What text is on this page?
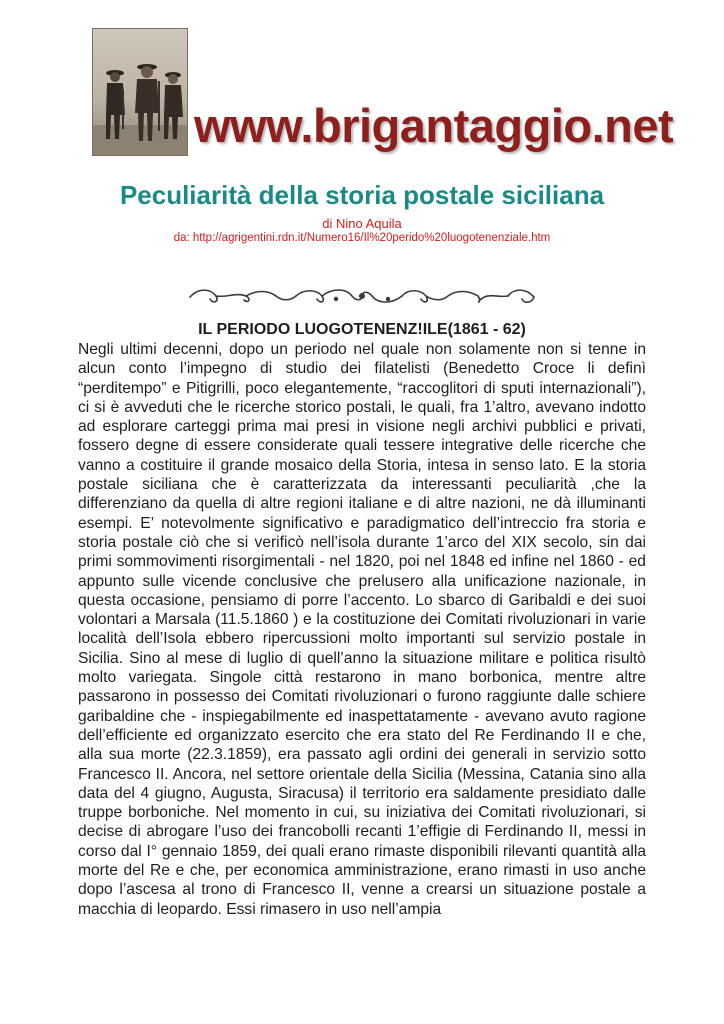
www.brigantaggio.net
Peculiarità della storia postale siciliana
di Nino Aquila
da: http://agrigentini.rdn.it/Numero16/Il%20perido%20luogotenenziale.htm
IL PERIODO LUOGOTENENZ!ILE(1861 - 62)

Negli ultimi decenni, dopo un periodo nel quale non solamente non si tenne in alcun conto l’impegno di studio dei filatelisti (Benedetto Croce li definì “perditempo” e Pitigrilli, poco elegantemente, “raccoglitori di sputi internazionali”), ci si è avveduti che le ricerche storico postali, le quali, fra 1’altro, avevano indotto ad esplorare carteggi prima mai presi in visione negli archivi pubblici e privati, fossero degne di essere considerate quali tessere integrative delle ricerche che vanno a costituire il grande mosaico della Storia, intesa in senso lato. E la storia postale siciliana che è caratterizzata da interessanti peculiarità ,che la differenziano da quella di altre regioni italiane e di altre nazioni, ne dà illuminanti esempi. E’ notevolmente significativo e paradigmatico dell’intreccio fra storia e storia postale ciò che si verificò nell’isola durante 1’arco del XIX secolo, sin dai primi sommovimenti risorgimentali - nel 1820, poi nel 1848 ed infine nel 1860 - ed appunto sulle vicende conclusive che prelusero alla unificazione nazionale, in questa occasione, pensiamo di porre l’accento. Lo sbarco di Garibaldi e dei suoi volontari a Marsala (11.5.1860 ) e la costituzione dei Comitati rivoluzionari in varie località dell’Isola ebbero ripercussioni molto importanti sul servizio postale in Sicilia. Sino al mese di luglio di quell’anno la situazione militare e politica risultò molto variegata. Singole città restarono in mano borbonica, mentre altre passarono in possesso dei Comitati rivoluzionari o furono raggiunte dalle schiere garibaldine che - inspiegabilmente ed inaspettatamente - avevano avuto ragione dell’efficiente ed organizzato esercito che era stato del Re Ferdinando II e che, alla sua morte (22.3.1859), era passato agli ordini dei generali in servizio sotto Francesco II. Ancora, nel settore orientale della Sicilia (Messina, Catania sino alla data del 4 giugno, Augusta, Siracusa) il territorio era saldamente presidiato dalle truppe borboniche. Nel momento in cui, su iniziativa dei Comitati rivoluzionari, si decise di abrogare l’uso dei francobolli recanti 1’effigie di Ferdinando II, messi in corso dal I° gennaio 1859, dei quali erano rimaste disponibili rilevanti quantità alla morte del Re e che, per economica amministrazione, erano rimasti in uso anche dopo l’ascesa al trono di Francesco II, venne a crearsi un situazione postale a macchia di leopardo. Essi rimasero in uso nell’ampia
